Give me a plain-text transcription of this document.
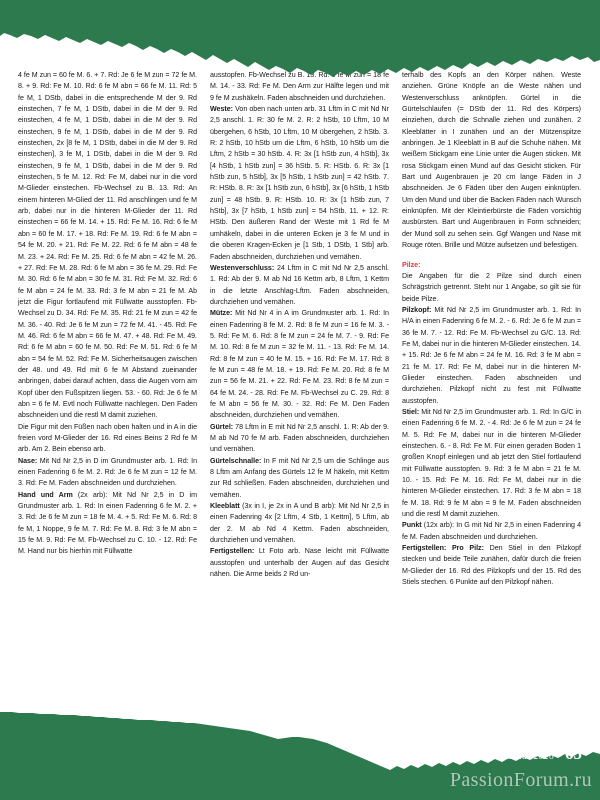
4 fe M zun = 60 fe M. 6. + 7. Rd: Je 6 fe M zun = 72 fe M. 8. + 9. Rd: Fe M. 10. Rd: 6 fe M abn = 66 fe M. 11. Rd: 5 fe M, 1 DStb, dabei in die entsprechende M der 9. Rd einstechen, 7 fe M, 1 DStb, dabei in die M der 9. Rd einstechen, 4 fe M, 1 DStb, dabei in die M der 9. Rd einstechen, 9 fe M, 1 DStb, dabei in die M der 9. Rd einstechen, 2x [8 fe M, 1 DStb, dabei in die M der 9. Rd einstechen], 3 fe M, 1 DStb, dabei in die M der 9. Rd einstechen, 9 fe M, 1 DStb, dabei in die M der 9. Rd einstechen, 5 fe M. 12. Rd: Fe M, dabei nur in die vord M-Glieder einstechen. Fb-Wechsel zu B. 13. Rd: An einem hinteren M-Glied der 11. Rd anschlingen und fe M arb, dabei nur in die hinteren M-Glieder der 11. Rd einstechen = 66 fe M. 14. + 15. Rd: Fe M. 16. Rd: 6 fe M abn = 60 fe M. 17. + 18. Rd: Fe M. 19. Rd: 6 fe M abn = 54 fe M. 20. + 21. Rd: Fe M. 22. Rd: 6 fe M abn = 48 fe M. 23. + 24. Rd: Fe M. 25. Rd: 6 fe M abn = 42 fe M. 26. + 27. Rd: Fe M. 28. Rd: 6 fe M abn = 36 fe M. 29. Rd: Fe M. 30. Rd: 6 fe M abn = 30 fe M. 31. Rd: Fe M. 32. Rd: 6 fe M abn = 24 fe M. 33. Rd: 3 fe M abn = 21 fe M. Ab jetzt die Figur fortlaufend mit Füllwatte ausstopfen. Fb-Wechsel zu D. 34. Rd: Fe M. 35. Rd: 21 fe M zun = 42 fe M. 36. - 40. Rd: Je 6 fe M zun = 72 fe M. 41. - 45. Rd: Fe M. 46. Rd: 6 fe M abn = 66 fe M. 47. + 48. Rd: Fe M. 49. Rd: 6 fe M abn = 60 fe M. 50. Rd: Fe M. 51. Rd: 6 fe M abn = 54 fe M. 52. Rd: Fe M. Sicherheitsaugen zwischen der 48. und 49. Rd mit 6 fe M Abstand zueinander anbringen, dabei darauf achten, dass die Augen vorn am Kopf über den Fußspitzen liegen. 53. - 60. Rd: Je 6 fe M abn = 6 fe M. Evtl noch Füllwatte nachlegen. Den Faden abschneiden und die restl M damit zuziehen.

Die Figur mit den Füßen nach oben halten und in A in die freien vord M-Glieder der 16. Rd eines Beins 2 Rd fe M arb. Am 2. Bein ebenso arb.

Nase: Mit Nd Nr 2,5 in D im Grundmuster arb. 1. Rd: In einen Fadenring 6 fe M. 2. Rd: Je 6 fe M zun = 12 fe M. 3. Rd: Fe M. Faden abschneiden und durchziehen.

Hand und Arm (2x arb): Mit Nd Nr 2,5 in D im Grundmuster arb. 1. Rd: In einen Fadenring 6 fe M. 2. + 3. Rd: Je 6 fe M zun = 18 fe M. 4. + 5. Rd: Fe M. 6. Rd: 8 fe M, 1 Noppe, 9 fe M. 7. Rd: Fe M. 8. Rd: 3 fe M abn = 15 fe M. 9. Rd: Fe M. Fb-Wechsel zu C. 10. - 12. Rd: Fe M. Hand nur bis hierhin mit Füllwatte

ausstopfen. Fb-Wechsel zu B. 13. Rd: 3 fe M zun = 18 fe M. 14. - 33. Rd: Fe M. Den Arm zur Hälfte legen und mit 9 fe M zushäkeln. Faden abschneiden und durchziehen.

Weste: Von oben nach unten arb. 31 Lftm in C mit Nd Nr 2,5 anschl. 1. R: 30 fe M. 2. R: 2 hStb, 10 Lftm, 10 M übergehen, 6 hStb, 10 Lftm, 10 M übergehen, 2 hStb. 3. R: 2 hStb, 10 hStb um die Lftm, 6 hStb, 10 hStb um die Lftm, 2 hStb = 30 hStb. 4. R: 3x [1 hStb zun, 4 hStb], 3x [4 hStb, 1 hStb zun] = 36 hStb. 5. R: HStb. 6. R: 3x [1 hStb zun, 5 hStb], 3x [5 hStb, 1 hStb zun] = 42 hStb. 7. R: HStb. 8. R: 3x [1 hStb zun, 6 hStb], 3x [6 hStb, 1 hStb zun] = 48 hStb. 9. R: HStb. 10. R: 3x [1 hStb zun, 7 hStb], 3x [7 hStb, 1 hStb zun] = 54 hStb. 11. + 12. R: HStb. Den äußeren Rand der Weste mit 1 Rd fe M umhäkeln, dabei in die unteren Ecken je 3 fe M und in die oberen Kragen-Ecken je [1 Stb, 1 DStb, 1 Stb] arb. Faden abschneiden, durchziehen und vernähen.

Westenverschluss: 24 Lftm in C mit Nd Nr 2,5 anschl. 1. Rd: Ab der 9. M ab Nd 16 Kettm arb, 8 Lftm, 1 Kettm in die letzte Anschlag-Lftm. Faden abschneiden, durchziehen und vernähen.

Mütze: Mit Nd Nr 4 in A im Grundmuster arb. 1. Rd: In einen Fadenring 8 fe M. 2. Rd: 8 fe M zun = 16 fe M. 3. - 5. Rd: Fe M. 6. Rd: 8 fe M zun = 24 fe M. 7. - 9. Rd: Fe M. 10. Rd: 8 fe M zun = 32 fe M. 11. - 13. Rd: Fe M. 14. Rd: 8 fe M zun = 40 fe M. 15. + 16. Rd: Fe M. 17. Rd: 8 fe M zun = 48 fe M. 18. + 19. Rd: Fe M. 20. Rd: 8 fe M zun = 56 fe M. 21. + 22. Rd: Fe M. 23. Rd: 8 fe M zun = 64 fe M. 24. - 28. Rd: Fe M. Fb-Wechsel zu C. 29. Rd: 8 fe M abn = 56 fe M. 30. - 32. Rd: Fe M. Den Faden abschneiden, durchziehen und vernähen.

Gürtel: 78 Lftm in E mit Nd Nr 2,5 anschl. 1. R: Ab der 9. M ab Nd 70 fe M arb. Faden abschneiden, durchziehen und vernähen.

Gürtelschnalle: In F mit Nd Nr 2,5 um die Schlinge aus 8 Lftm am Anfang des Gürtels 12 fe M häkeln, mit Kettm zur Rd schließen. Faden abschneiden, durchziehen und vernähen.

Kleeblatt (3x in I, je 2x in A und B arb): Mit Nd Nr 2,5 in einen Fadenring 4x [2 Lftm, 4 Stb, 1 Kettm], 5 Lftm, ab der 2. M ab Nd 4 Kettm. Faden abschneiden, durchziehen und vernähen.

Fertigstellen: Lt Foto arb. Nase leicht mit Füllwatte ausstopfen und unterhalb der Augen auf das Gesicht nähen. Die Arme beids 2 Rd un-

terhalb des Kopfs an den Körper nähen. Weste anziehen. Grüne Knöpfe an die Weste nähen und Westenverschluss anknöpfen. Gürtel in die Gürtelschlaufen (= DStb der 11. Rd des Körpers) einziehen, durch die Schnalle ziehen und zunähen. 2 Kleeblätter in I zunähen und an der Mützenspitze anbringen. Je 1 Kleeblatt in B auf die Schuhe nähen. Mit weißem Stickgarn eine Linie unter die Augen sticken. Mit rosa Stickgarn einen Mund auf das Gesicht sticken. Für Bart und Augenbrauen je 20 cm lange Fäden in J abschneiden. Je 6 Fäden über den Augen einknüpfen. Um den Mund und über die Backen Fäden nach Wunsch einknüpfen. Mit der Kleintierbürste die Fäden vorsichtig ausbürsten. Bart und Augenbrauen in Form schneiden; der Mund soll zu sehen sein. Ggf Wangen und Nase mit Rouge röten. Brille und Mütze aufsetzen und befestigen.

Pilze:

Die Angaben für die 2 Pilze sind durch einen Schrägstrich getrennt. Steht nur 1 Angabe, so gilt sie für beide Pilze.

Pilzkopf: Mit Nd Nr 2,5 im Grundmuster arb. 1. Rd: In H/A in einen Fadenring 6 fe M. 2. - 6. Rd: Je 6 fe M zun = 36 fe M. 7. - 12. Rd: Fe M. Fb-Wechsel zu G/C. 13. Rd: Fe M, dabei nur in die hinteren M-Glieder einstechen. 14. + 15. Rd: Je 6 fe M abn = 24 fe M. 16. Rd: 3 fe M abn = 21 fe M. 17. Rd: Fe M, dabei nur in die hinteren M-Glieder einstechen. Faden abschneiden und durchziehen. Pilzkopf nicht zu fest mit Füllwatte ausstopfen.

Stiel: Mit Nd Nr 2,5 im Grundmuster arb. 1. Rd: In G/C in einen Fadenring 6 fe M. 2. - 4. Rd: Je 6 fe M zun = 24 fe M. 5. Rd: Fe M, dabei nur in die hinteren M-Glieder einstechen. 6. - 8. Rd: Fe M. Für einen geraden Boden 1 großen Knopf einlegen und ab jetzt den Stiel fortlaufend mit Füllwatte ausstopfen. 9. Rd: 3 fe M abn = 21 fe M. 10. - 15. Rd: Fe M. 16. Rd: Fe M, dabei nur in die hinteren M-Glieder einstechen. 17. Rd: 3 fe M abn = 18 fe M. 18. Rd: 9 fe M abn = 9 fe M. Faden abschneiden und die restl M damit zuziehen.

Punkt (12x arb): In G mit Nd Nr 2,5 in einen Fadenring 4 fe M. Faden abschneiden und durchziehen.

Fertigstellen: Pro Pilz: Den Stiel in den Pilzkopf stecken und beide Teile zunähen, dafür durch die freien M-Glieder der 16. Rd des Pilzkopfs und der 15. Rd des Stiels stechen. 6 Punkte auf den Pilzkopf nähen.

Januar 2026 65
PassionForum.ru
